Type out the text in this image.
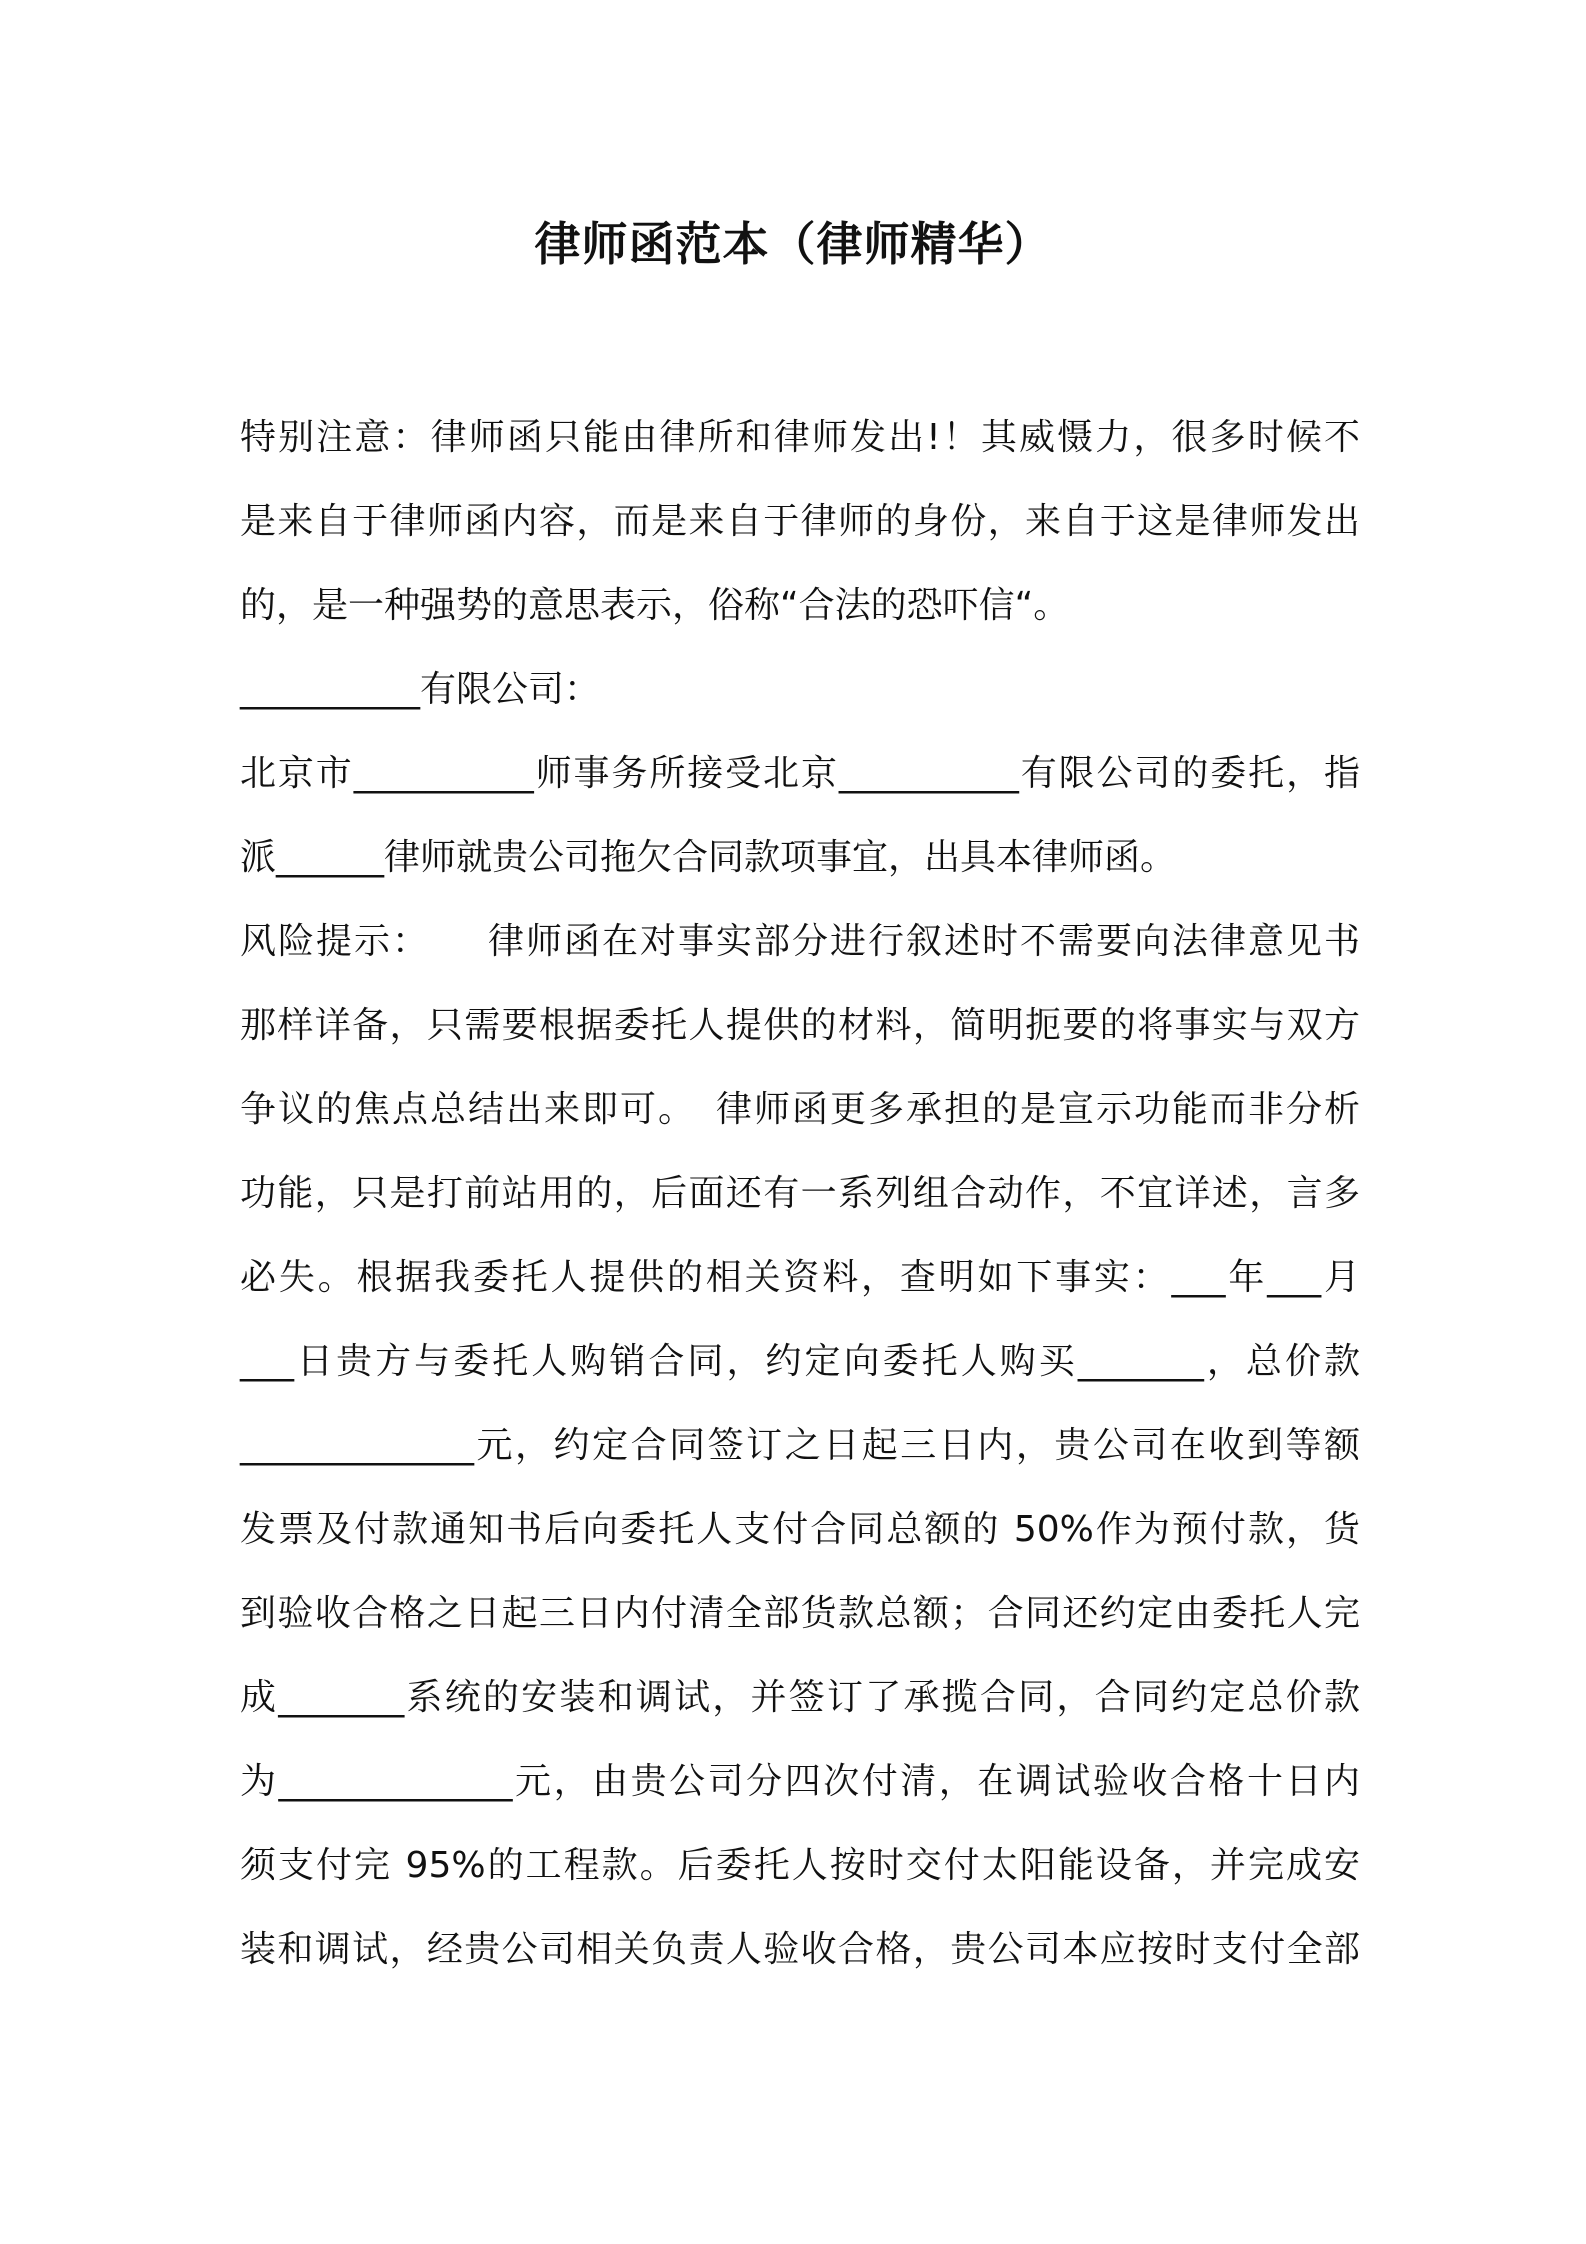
律师函范本（律师精华）
特别注意：律师函只能由律所和律师发出!！其威慑力，很多时候不
是来自于律师函内容，而是来自于律师的身份，来自于这是律师发出
的，是一种强势的意思表示，俗称“合法的恐吓信“。
__________有限公司：
北京市__________师事务所接受北京__________有限公司的委托，指
派______律师就贵公司拖欠合同款项事宜，出具本律师函。
风险提示：　　律师函在对事实部分进行叙述时不需要向法律意见书
那样详备，只需要根据委托人提供的材料，简明扼要的将事实与双方
争议的焦点总结出来即可。　律师函更多承担的是宣示功能而非分析
功能，只是打前站用的，后面还有一系列组合动作，不宜详述，言多
必失。根据我委托人提供的相关资料，查明如下事实：___年___月
___日贵方与委托人购销合同，约定向委托人购买_______，总价款
_____________元，约定合同签订之日起三日内，贵公司在收到等额
发票及付款通知书后向委托人支付合同总额的 50%作为预付款，货
到验收合格之日起三日内付清全部货款总额；合同还约定由委托人完
成_______系统的安装和调试，并签订了承揽合同，合同约定总价款
为_____________元，由贵公司分四次付清，在调试验收合格十日内
须支付完 95%的工程款。后委托人按时交付太阳能设备，并完成安
装和调试，经贵公司相关负责人验收合格，贵公司本应按时支付全部
